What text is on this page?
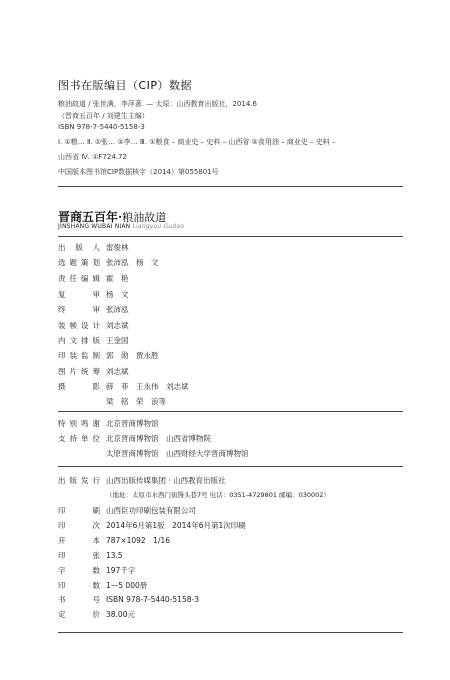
图书在版编目（CIP）数据
粮油故道 / 张世满，李萍著. — 太原：山西教育出版社，2014.6
（晋商五百年 / 刘建生主编）
ISBN 978-7-5440-5158-3
Ⅰ. ①粮… Ⅱ. ①张… ②李… Ⅲ. ①粮食 – 商业史 – 史料 – 山西省 ②食用油 – 商业史 – 史料 –
山西省 Ⅳ. ①F724.72
中国版本图书馆CIP数据核字（2014）第055801号
晋商五百年·粮油故道
JINSHANG WUBAI NIAN Liangyou Gudao
出 版 人 雷俊林
选题策划 张沛泓　杨　文
责任编辑 霍　艳
复　　审 杨　文
终　　审 张沛泓
装帧设计 刘志斌
内文排版 王金国
印装监制 郭　勋　贾永胜
图片统筹 刘志斌
摄　　影 薛　菲　王永伟　刘志斌
梁　铭　荣　浪等
特别鸣谢 北京晋商博物馆
支持单位 北京晋商博物馆　山西省博物院
太原晋商博物馆　山西财经大学晋商博物馆
出版发行 山西出版传媒集团 · 山西教育出版社
（地址：太原市水西门街馒头巷7号 电话：0351-4729801 邮编：030002）
印　　刷 山西臣功印刷包装有限公司
印　　次 2014年6月第1版　2014年6月第1次印刷
开　　本 787×1092　1/16
印　　张 13.5
字　　数 197千字
印　　数 1—5 000册
书　　号 ISBN 978-7-5440-5158-3
定　　价 38.00元
